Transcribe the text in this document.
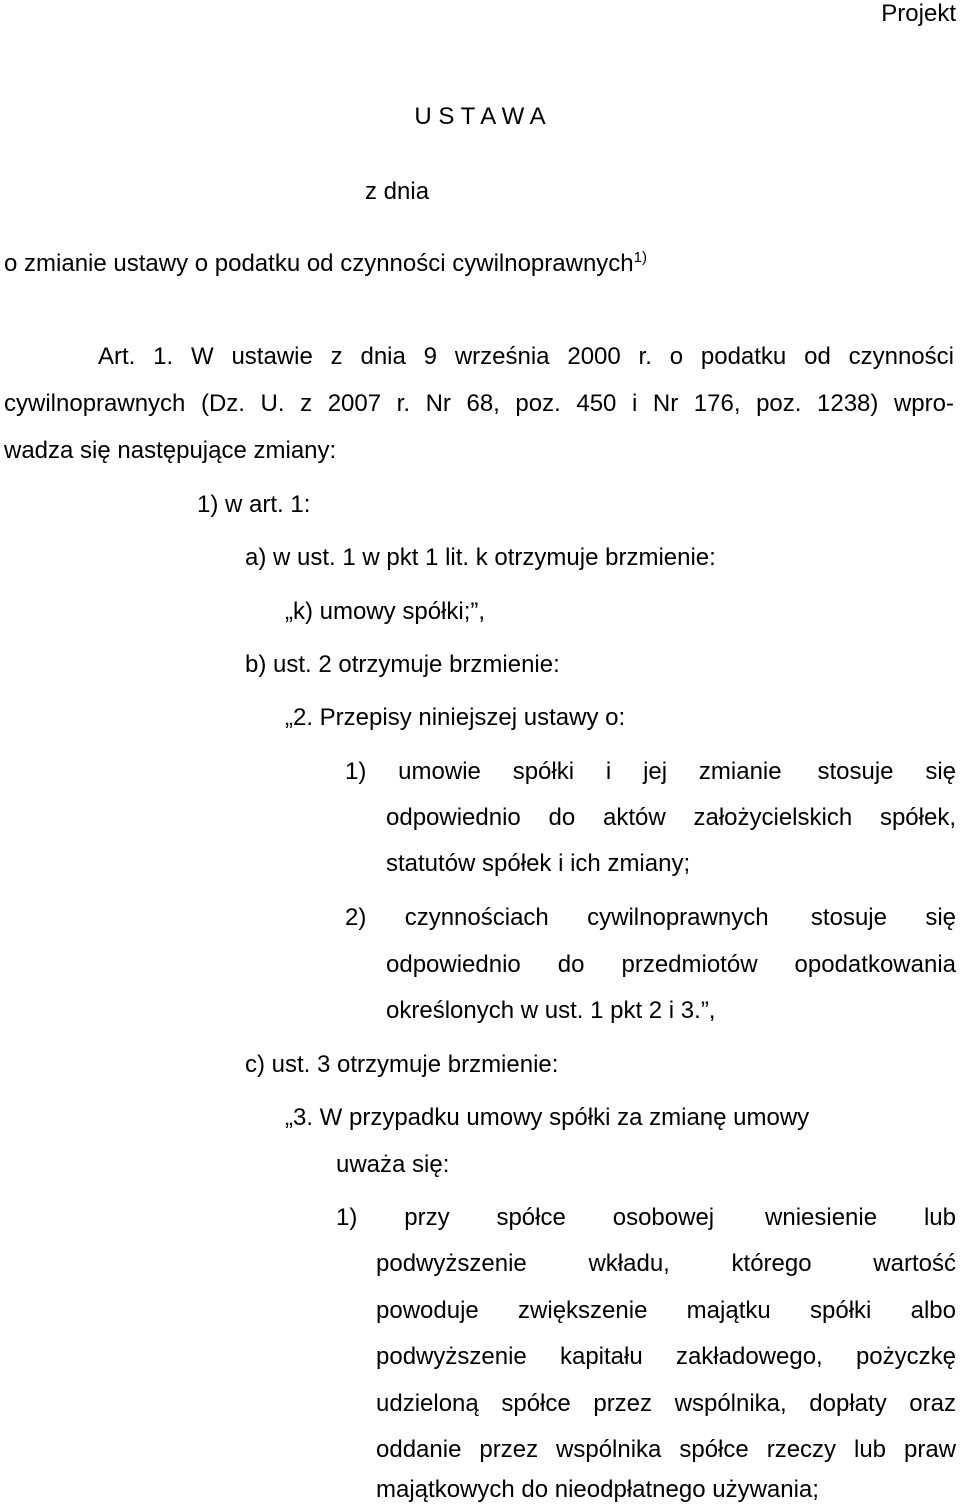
Projekt
U S T A W A
z dnia
o zmianie ustawy o podatku od czynności cywilnoprawnych$^{1)}$
Art. 1. W ustawie z dnia 9 września 2000 r. o podatku od czynności
cywilnoprawnych (Dz. U. z 2007 r. Nr 68, poz. 450 i Nr 176, poz. 1238) wpro-
wadza się następujące zmiany:
1) w art. 1:
a) w ust. 1 w pkt 1 lit. k otrzymuje brzmienie:
„k) umowy spółki;”,
b) ust. 2 otrzymuje brzmienie:
„2. Przepisy niniejszej ustawy o:
1) umowie spółki i jej zmianie stosuje się
odpowiednio do aktów założycielskich spółek,
statutów spółek i ich zmiany;
2) czynnościach cywilnoprawnych stosuje się
odpowiednio do przedmiotów opodatkowania
określonych w ust. 1 pkt 2 i 3.”,
c) ust. 3 otrzymuje brzmienie:
„3. W przypadku umowy spółki za zmianę umowy
uważa się:
1) przy spółce osobowej wniesienie lub
podwyższenie wkładu, którego wartość
powoduje zwiększenie majątku spółki albo
podwyższenie kapitału zakładowego, pożyczkę
udzieloną spółce przez wspólnika, dopłaty oraz
oddanie przez wspólnika spółce rzeczy lub praw
majątkowych do nieodpłatnego używania;
